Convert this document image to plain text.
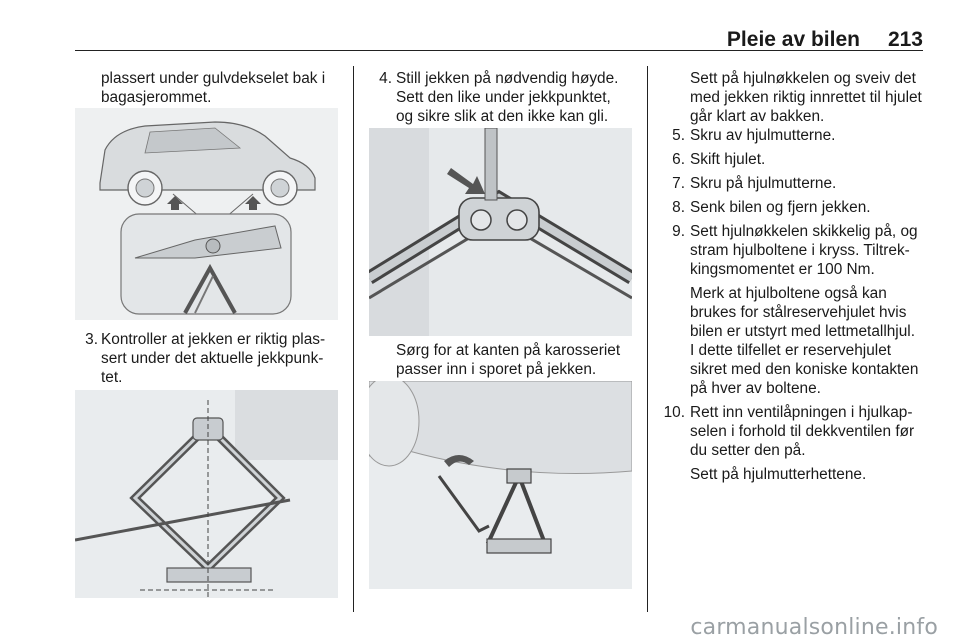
Pleie av bilen 213
plassert under gulvdekselet bak i
bagasjerommet.
3. Kontroller at jekken er riktig plas-
sert under det aktuelle jekkpunk-
tet.
4. Still jekken på nødvendig høyde.
Sett den like under jekkpunktet,
og sikre slik at den ikke kan gli.
Sørg for at kanten på karosseriet
passer inn i sporet på jekken.
Sett på hjulnøkkelen og sveiv det
med jekken riktig innrettet til hjulet
går klart av bakken.
5. Skru av hjulmutterne.
6. Skift hjulet.
7. Skru på hjulmutterne.
8. Senk bilen og fjern jekken.
9. Sett hjulnøkkelen skikkelig på, og
stram hjulboltene i kryss. Tiltrek-
kingsmomentet er 100 Nm.
Merk at hjulboltene også kan
brukes for stålreservehjulet hvis
bilen er utstyrt med lettmetallhjul.
I dette tilfellet er reservehjulet
sikret med den koniske kontakten
på hver av boltene.
10. Rett inn ventilåpningen i hjulkap-
selen i forhold til dekkventilen før
du setter den på.
Sett på hjulmutterhettene.
carmanualsonline.info
